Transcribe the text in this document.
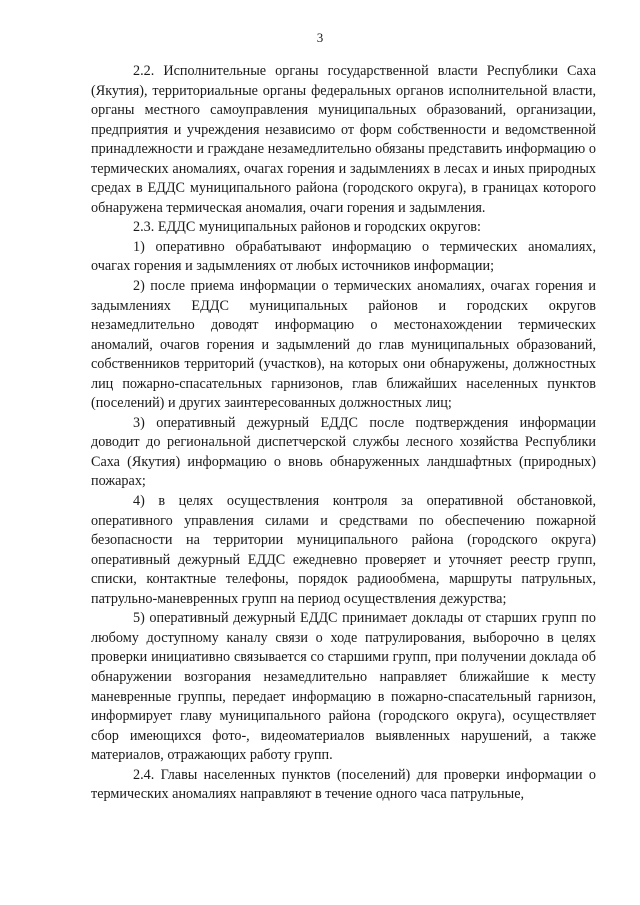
3

2.2. Исполнительные органы государственной власти Республики Саха (Якутия), территориальные органы федеральных органов исполнительной власти, органы местного самоуправления муниципальных образований, организации, предприятия и учреждения независимо от форм собственности и ведомственной принадлежности и граждане незамедлительно обязаны представить информацию о термических аномалиях, очагах горения и задымлениях в лесах и иных природных средах в ЕДДС муниципального района (городского округа), в границах которого обнаружена термическая аномалия, очаги горения и задымления.

2.3. ЕДДС муниципальных районов и городских округов:

1) оперативно обрабатывают информацию о термических аномалиях, очагах горения и задымлениях от любых источников информации;

2) после приема информации о термических аномалиях, очагах горения и задымлениях ЕДДС муниципальных районов и городских округов незамедлительно доводят информацию о местонахождении термических аномалий, очагов горения и задымлений до глав муниципальных образований, собственников территорий (участков), на которых они обнаружены, должностных лиц пожарно-спасательных гарнизонов, глав ближайших населенных пунктов (поселений) и других заинтересованных должностных лиц;

3) оперативный дежурный ЕДДС после подтверждения информации доводит до региональной диспетчерской службы лесного хозяйства Республики Саха (Якутия) информацию о вновь обнаруженных ландшафтных (природных) пожарах;

4) в целях осуществления контроля за оперативной обстановкой, оперативного управления силами и средствами по обеспечению пожарной безопасности на территории муниципального района (городского округа) оперативный дежурный ЕДДС ежедневно проверяет и уточняет реестр групп, списки, контактные телефоны, порядок радиообмена, маршруты патрульных, патрульно-маневренных групп на период осуществления дежурства;

5) оперативный дежурный ЕДДС принимает доклады от старших групп по любому доступному каналу связи о ходе патрулирования, выборочно в целях проверки инициативно связывается со старшими групп, при получении доклада об обнаружении возгорания незамедлительно направляет ближайшие к месту маневренные группы, передает информацию в пожарно-спасательный гарнизон, информирует главу муниципального района (городского округа), осуществляет сбор имеющихся фото-, видеоматериалов выявленных нарушений, а также материалов, отражающих работу групп.

2.4. Главы населенных пунктов (поселений) для проверки информации о термических аномалиях направляют в течение одного часа патрульные,
